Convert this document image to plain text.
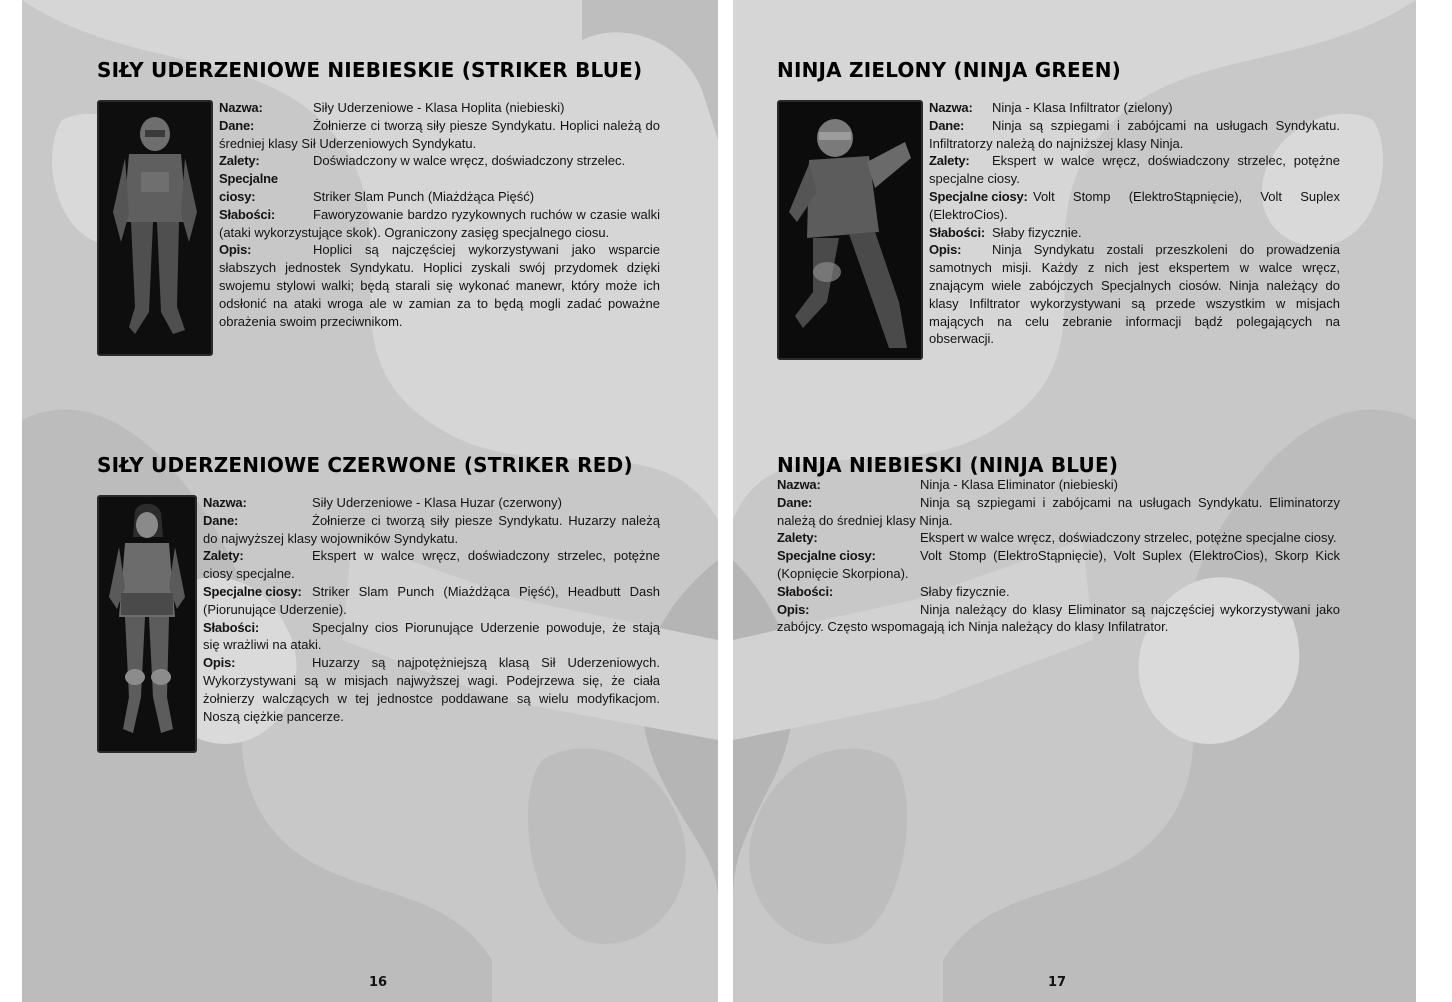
SIŁY UDERZENIOWE NIEBIESKIE (STRIKER BLUE)

Nazwa:	Siły Uderzeniowe - Klasa Hoplita (niebieski)

Dane:	Żołnierze ci tworzą siły piesze Syndykatu. Hoplici należą do średniej klasy Sił Uderzeniowych Syndykatu.

Zalety:	Doświadczony w walce wręcz, doświadczony strzelec.

Specjalne ciosy:	Striker Slam Punch (Miażdżąca Pięść)

Słabości:	Faworyzowanie bardzo ryzykownych ruchów w czasie walki (ataki wykorzystujące skok). Ograniczony zasięg specjalnego ciosu.

Opis:	Hoplici są najczęściej wykorzystywani jako wsparcie słabszych jednostek Syndykatu. Hoplici zyskali swój przydomek dzięki swojemu stylowi walki; będą starali się wykonać manewr, który może ich odsłonić na ataki wroga ale w zamian za to będą mogli zadać poważne obrażenia swoim przeciwnikom.

SIŁY UDERZENIOWE CZERWONE (STRIKER RED)

Nazwa:	Siły Uderzeniowe - Klasa Huzar (czerwony)

Dane:	Żołnierze ci tworzą siły piesze Syndykatu. Huzarzy należą do najwyższej klasy wojowników Syndykatu.

Zalety:	Ekspert w walce wręcz, doświadczony strzelec, potężne ciosy specjalne.

Specjalne ciosy: Striker Slam Punch (Miażdżąca Pięść), Headbutt Dash (Piorunujące Uderzenie).

Słabości:	Specjalny cios Piorunujące Uderzenie powoduje, że stają się wrażliwi na ataki.

Opis:	Huzarzy są najpotężniejszą klasą Sił Uderzeniowych. Wykorzystywani są w misjach najwyższej wagi. Podejrzewa się, że ciała żołnierzy walczących w tej jednostce poddawane są wielu modyfikacjom. Noszą ciężkie pancerze.

NINJA ZIELONY (NINJA GREEN)

Nazwa: Ninja - Klasa Infiltrator (zielony)

Dane: Ninja są szpiegami i zabójcami na usługach Syndykatu. Infiltratorzy należą do najniższej klasy Ninja.

Zalety: Ekspert w walce wręcz, doświadczony strzelec, potężne specjalne ciosy.

Specjalne ciosy: Volt Stomp (ElektroStąpnięcie), Volt Suplex (ElektroCios).

Słabości: Słaby fizycznie.

Opis: Ninja Syndykatu zostali przeszkoleni do prowadzenia samotnych misji. Każdy z nich jest ekspertem w walce wręcz, znającym wiele zabójczych Specjalnych ciosów. Ninja należący do klasy Infiltrator wykorzystywani są przede wszystkim w misjach mających na celu zebranie informacji bądź polegających na obserwacji.

NINJA NIEBIESKI (NINJA BLUE)

Nazwa:	Ninja - Klasa Eliminator (niebieski)

Dane:	Ninja są szpiegami i zabójcami na usługach Syndykatu. Eliminatorzy należą do średniej klasy Ninja.

Zalety:	Ekspert w walce wręcz, doświadczony strzelec, potężne specjalne ciosy.

Specjalne ciosy:	Volt Stomp (ElektroStąpnięcie), Volt Suplex (ElektroCios), Skorp Kick (Kopnięcie Skorpiona).

Słabości:	Słaby fizycznie.

Opis:	Ninja należący do klasy Eliminator są najczęściej wykorzystywani jako zabójcy. Często wspomagają ich Ninja należący do klasy Infilatrator.

16	17
